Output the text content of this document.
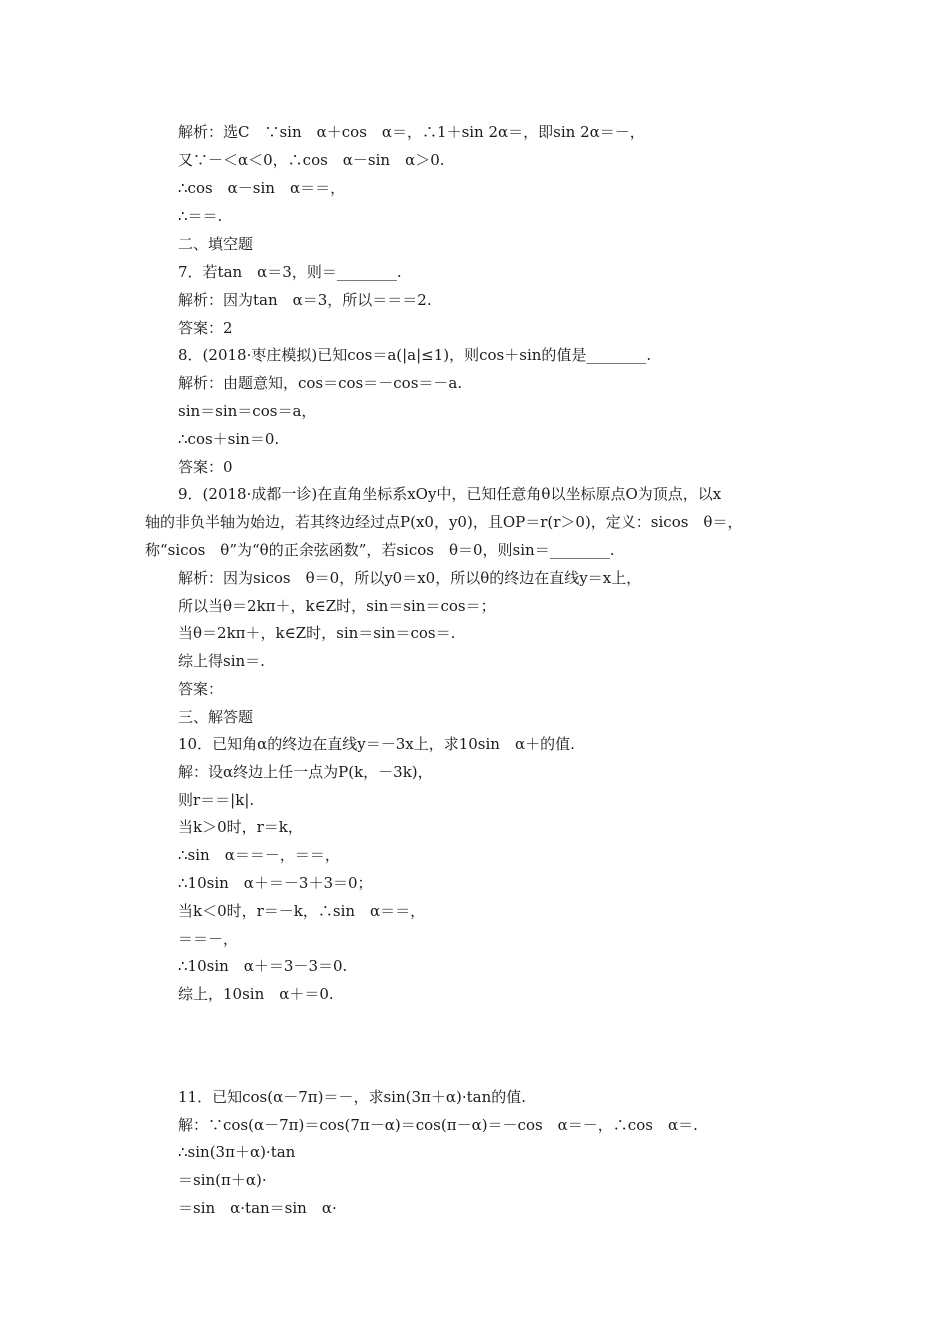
解析：选C　∵sin　α＋cos　α＝，∴1＋sin 2α＝，即sin 2α＝－，
又∵－＜α＜0，∴cos　α－sin　α＞0.
∴cos　α－sin　α＝＝，
∴＝＝.
二、填空题
7．若tan　α＝3，则＝________.
解析：因为tan　α＝3，所以＝＝＝2.
答案：2
8．(2018·枣庄模拟)已知cos＝a(|a|≤1)，则cos＋sin的值是________.
解析：由题意知，cos＝cos＝－cos＝－a.
sin＝sin＝cos＝a，
∴cos＋sin＝0.
答案：0
9．(2018·成都一诊)在直角坐标系xOy中，已知任意角θ以坐标原点O为顶点，以x
轴的非负半轴为始边，若其终边经过点P(x0，y0)，且OP＝r(r＞0)，定义：sicos　θ＝，
称“sicos　θ”为“θ的正余弦函数”，若sicos　θ＝0，则sin＝________.
解析：因为sicos　θ＝0，所以y0＝x0，所以θ的终边在直线y＝x上，
所以当θ＝2kπ＋，k∈Z时，sin＝sin＝cos＝；
当θ＝2kπ＋，k∈Z时，sin＝sin＝cos＝.
综上得sin＝.
答案：
三、解答题
10．已知角α的终边在直线y＝－3x上，求10sin　α＋的值.
解：设α终边上任一点为P(k，－3k)，
则r＝＝|k|.
当k＞0时，r＝k，
∴sin　α＝＝－，＝＝，
∴10sin　α＋＝－3＋3＝0；
当k＜0时，r＝－k，∴sin　α＝＝，
＝＝－，
∴10sin　α＋＝3－3＝0.
综上，10sin　α＋＝0.
11．已知cos(α－7π)＝－，求sin(3π＋α)·tan的值.
解：∵cos(α－7π)＝cos(7π－α)＝cos(π－α)＝－cos　α＝－，∴cos　α＝.
∴sin(3π＋α)·tan
＝sin(π＋α)·
＝sin　α·tan＝sin　α·
